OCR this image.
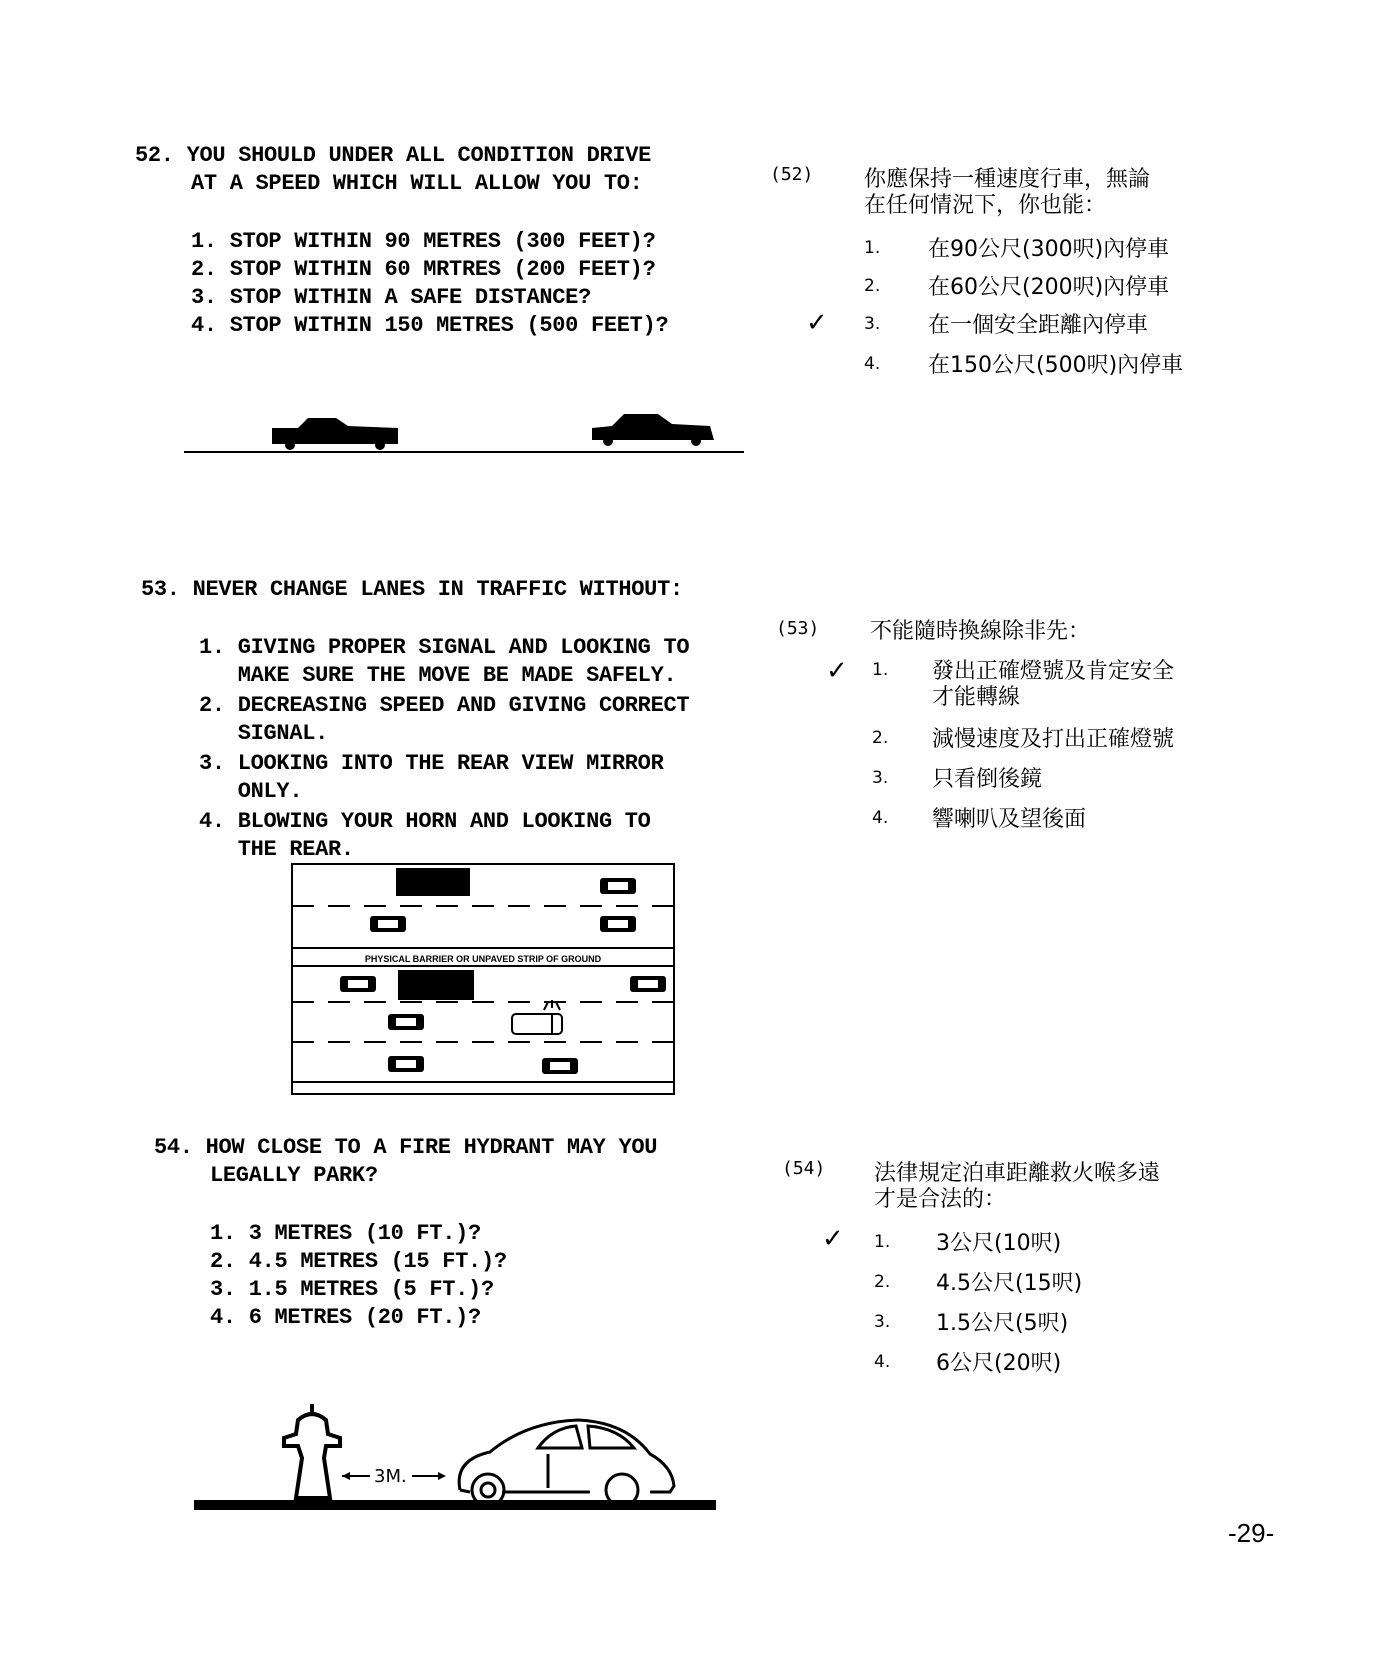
52. YOU SHOULD UNDER ALL CONDITION DRIVE
AT A SPEED WHICH WILL ALLOW YOU TO:
1. STOP WITHIN 90 METRES (300 FEET)?
2. STOP WITHIN 60 MRTRES (200 FEET)?
3. STOP WITHIN A SAFE DISTANCE?
4. STOP WITHIN 150 METRES (500 FEET)?
(52) 你應保持一種速度行車，無論
在任何情況下，你也能：
1. 在90公尺(300呎)內停車
2. 在60公尺(200呎)內停車
✓ 3. 在一個安全距離內停車
4. 在150公尺(500呎)內停車
53. NEVER CHANGE LANES IN TRAFFIC WITHOUT:
1. GIVING PROPER SIGNAL AND LOOKING TO
MAKE SURE THE MOVE BE MADE SAFELY.
2. DECREASING SPEED AND GIVING CORRECT
SIGNAL.
3. LOOKING INTO THE REAR VIEW MIRROR
ONLY.
4. BLOWING YOUR HORN AND LOOKING TO
THE REAR.
PHYSICAL BARRIER OR UNPAVED STRIP OF GROUND
(53) 不能隨時換線除非先：
✓ 1. 發出正確燈號及肯定安全
才能轉線
2. 減慢速度及打出正確燈號
3. 只看倒後鏡
4. 響喇叭及望後面
54. HOW CLOSE TO A FIRE HYDRANT MAY YOU
LEGALLY PARK?
1. 3 METRES (10 FT.)?
2. 4.5 METRES (15 FT.)?
3. 1.5 METRES (5 FT.)?
4. 6 METRES (20 FT.)?
3M.
(54) 法律規定泊車距離救火喉多遠
才是合法的：
✓ 1. 3公尺(10呎)
2. 4.5公尺(15呎)
3. 1.5公尺(5呎)
4. 6公尺(20呎)
-29-
